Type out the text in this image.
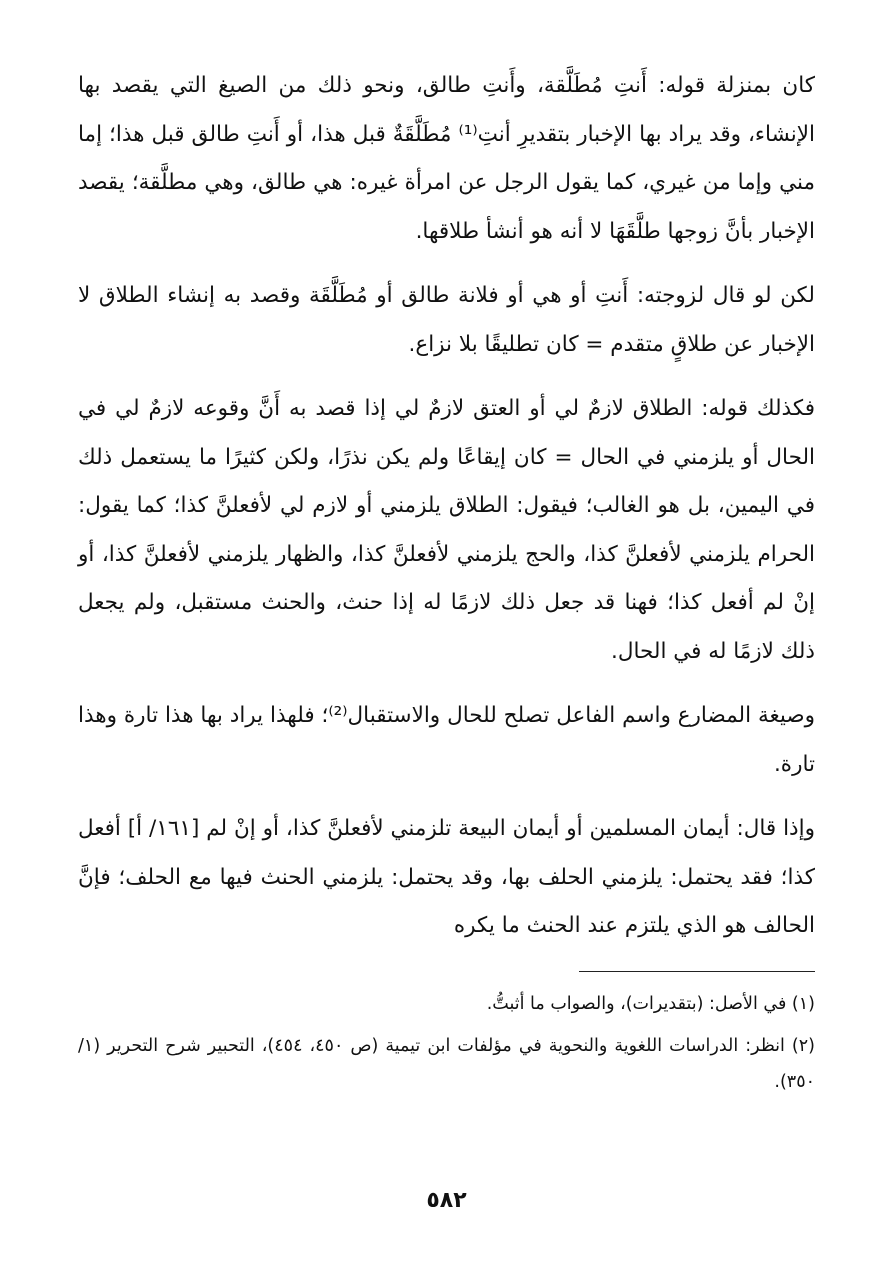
كان بمنزلة قوله: أَنتِ مُطَلَّقة، وأَنتِ طالق، ونحو ذلك من الصيغ التي يقصد بها الإنشاء، وقد يراد بها الإخبار بتقديرِ أنتِ⁽¹⁾ مُطَلَّقَةٌ قبل هذا، أو أَنتِ طالق قبل هذا؛ إما مني وإما من غيري، كما يقول الرجل عن امرأة غيره: هي طالق، وهي مطلَّقة؛ يقصد الإخبار بأنَّ زوجها طلَّقَهَا لا أنه هو أنشأ طلاقها.

لكن لو قال لزوجته: أَنتِ أو هي أو فلانة طالق أو مُطَلَّقَة وقصد به إنشاء الطلاق لا الإخبار عن طلاقٍ متقدم = كان تطليقًا بلا نزاع.

فكذلك قوله: الطلاق لازمٌ لي أو العتق لازمٌ لي إذا قصد به أَنَّ وقوعه لازمٌ لي في الحال أو يلزمني في الحال = كان إيقاعًا ولم يكن نذرًا، ولكن كثيرًا ما يستعمل ذلك في اليمين، بل هو الغالب؛ فيقول: الطلاق يلزمني أو لازم لي لأفعلنَّ كذا؛ كما يقول: الحرام يلزمني لأفعلنَّ كذا، والحج يلزمني لأفعلنَّ كذا، والظهار يلزمني لأفعلنَّ كذا، أو إنْ لم أفعل كذا؛ فهنا قد جعل ذلك لازمًا له إذا حنث، والحنث مستقبل، ولم يجعل ذلك لازمًا له في الحال.

وصيغة المضارع واسم الفاعل تصلح للحال والاستقبال⁽²⁾؛ فلهذا يراد بها هذا تارة وهذا تارة.

وإذا قال: أيمان المسلمين أو أيمان البيعة تلزمني لأفعلنَّ كذا، أو إنْ لم [١٦١/ أ] أفعل كذا؛ فقد يحتمل: يلزمني الحلف بها، وقد يحتمل: يلزمني الحنث فيها مع الحلف؛ فإنَّ الحالف هو الذي يلتزم عند الحنث ما يكره

(١) في الأصل: (بتقديرات)، والصواب ما أثبتُّ.

(٢) انظر: الدراسات اللغوية والنحوية في مؤلفات ابن تيمية (ص ٤٥٠، ٤٥٤)، التحبير شرح التحرير (١/ ٣٥٠).

٥٨٢
